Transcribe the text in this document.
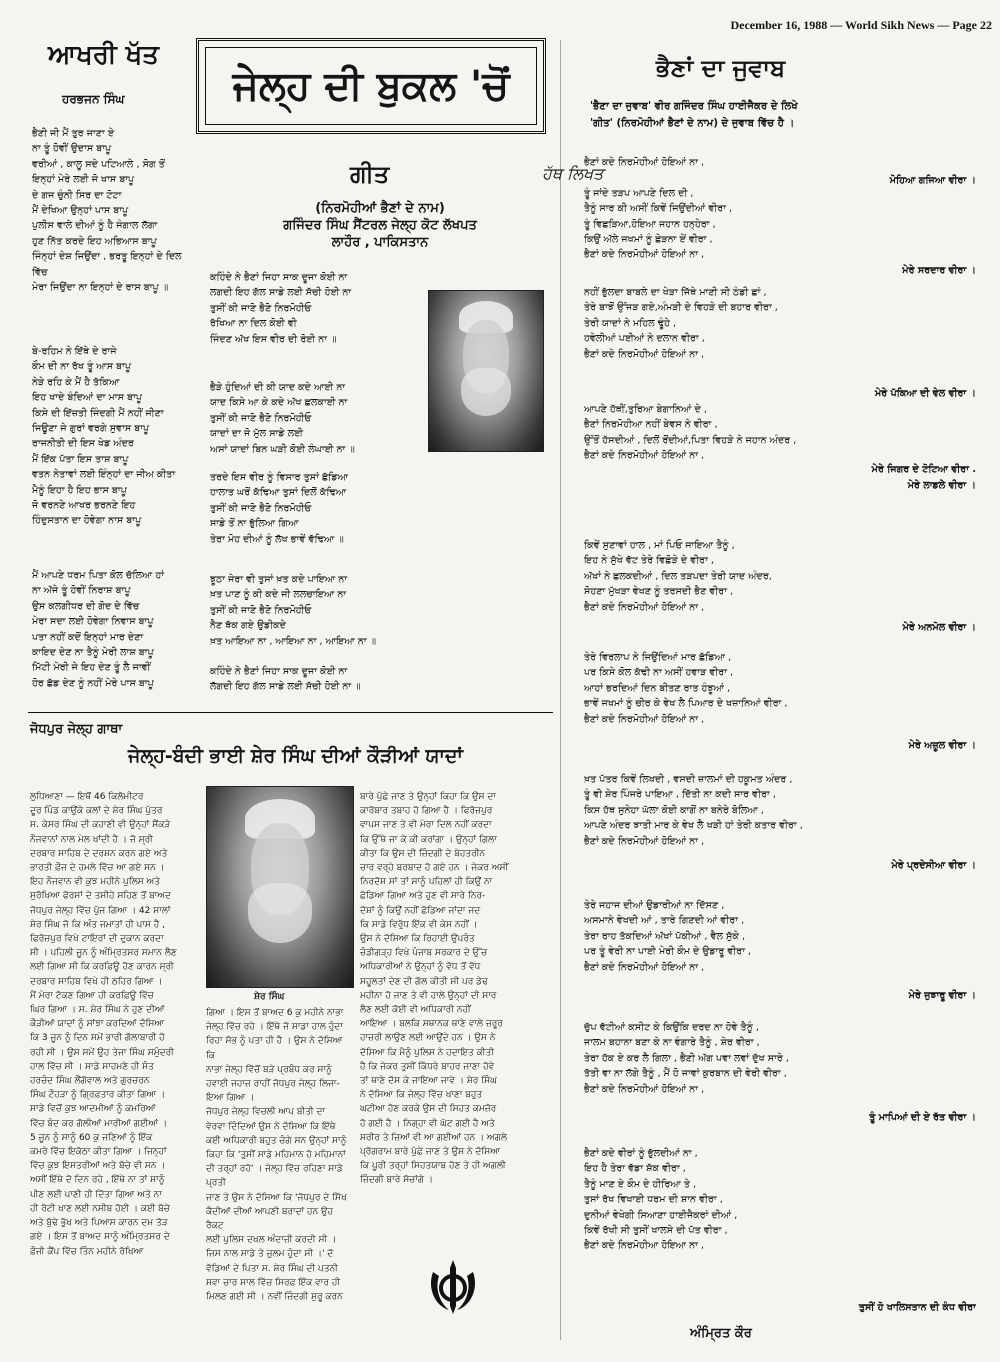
December 16, 1988 — World Sikh News — Page 22
ਆਖਰੀ ਖੱਤ
ਹਰਭਜਨ ਸਿੰਘ
ਭੈਣੀ ਜੀ ਮੈਂ ਤੁਰ ਜਾਣਾ ਏ
ਨਾ ਤੂੰ ਹੋਵੀਂ ਉਦਾਸ ਬਾਪੂ
ਵਰੀਆਂ , ਕਾਲੂ ਸਦੇ ਪਟਿਆਲੇ , ਸੋਗ ਤੋਂ
ਇਨ੍ਹਾਂ ਮੇਰੇ ਲਈ ਜੋ ਖਾਸ ਬਾਪੂ
ਦੇ ਗਜ ਚੁੰਨੀ ਸਿਰ ਦਾ ਟੋਟਾ
ਮੈਂ ਦੇਖਿਆ ਉਨ੍ਹਾਂ ਪਾਸ ਬਾਪੂ
ਪੁਲੀਸ ਵਾਲੇ ਦੀਆਂ ਨੂੰ ਹੈ ਜੰਗਾਲ ਲੱਗਾ
ਹੁਣ ਨਿੱਤ ਕਰਦੇ ਇਹ ਅਭਿਆਸ ਬਾਪੂ
ਜਿੰਨ੍ਹਾਂ ਦੇਸ਼ ਜਿਉਂਦਾ , ਭਰਤੂ ਇਨ੍ਹਾਂ ਦੇ ਦਿਲ
ਵਿੱਚ
ਮੇਰਾ ਜਿਉਂਦਾ ਨਾ ਇਨ੍ਹਾਂ ਦੇ ਰਾਸ ਬਾਪੂ ॥
ਬੇ-ਰਹਿਮ ਨੇ ਇੱਥੇ ਦੇ ਰਾਜੇ
ਕੌਮ ਦੀ ਨਾ ਰੱਖ ਤੂੰ ਆਸ ਬਾਪੂ
ਨੇੜੇ ਰਹਿ ਕੇ ਮੈਂ ਹੈ ਤੱਕਿਆ
ਇਹ ਖਾਦੇ ਬੰਦਿਆਂ ਦਾ ਮਾਸ ਬਾਪੂ
ਕਿਸੇ ਦੀ ਇੱਜ਼ਤੀ ਜਿੰਦਗੀ ਮੈਂ ਨਹੀਂ ਜੀਣਾ
ਜਿਊਣਾ ਜੇ ਗੁਰਾਂ ਵਰਗੇ ਸੁਵਾਸ ਬਾਪੂ
ਰਾਜਨੀਤੀ ਦੀ ਇਸ ਖੇਡ ਅੰਦਰ
ਮੈਂ ਇੱਕ ਪੱਤਾ ਇਸ ਤਾਸ਼ ਬਾਪੂ
ਵਤਨ ਨੇਤਾਵਾਂ ਲਈ ਇੰਨ੍ਹਾਂ ਦਾ ਜੀਅ ਕੀਤਾ
ਮੈਨੂੰ ਇਹਾ ਹੈ ਇਹ ਭਾਸ ਬਾਪੂ
ਜੋ ਵਰਨਣੇ ਆਖਰ ਭਰਨਣੇ ਇਹ
ਹਿੰਦੁਸਤਾਨ ਦਾ ਹੋਵੇਗਾ ਨਾਸ ਬਾਪੂ
ਮੈਂ ਆਪਣੇ ਧਰਮ ਪਿਤਾ ਕੋਲ ਚੱਲਿਆ ਹਾਂ
ਨਾ ਅੱਜੇ ਤੂੰ ਹੋਵੀਂ ਨਿਰਾਸ਼ ਬਾਪੂ
ਉਸ ਕਲਗੀਧਰ ਦੀ ਗੋਦ ਦੇ ਵਿੱਚ
ਮੇਰਾ ਸਦਾ ਲਈ ਹੋਵੇਗਾ ਨਿਵਾਸ ਬਾਪੂ
ਪਤਾ ਨਹੀਂ ਕਦੋਂ ਇਨ੍ਹਾਂ ਮਾਰ ਦੇਣਾ
ਕਾਇਦ ਦੇਣ ਨਾ ਤੈਨੂੰ ਮੇਰੀ ਲਾਸ਼ ਬਾਪੂ
ਮਿੱਟੀ ਮੇਰੀ ਜੇ ਇਹ ਦੇਣ ਤੂੰ ਲੈ ਜਾਵੀਂ
ਹੋਰ ਛੱਡ ਦੇਣ ਨੂੰ ਨਹੀਂ ਮੇਰੇ ਪਾਸ ਬਾਪੂ
ਜੇਲ੍ਹ ਦੀ ਬੁਕਲ 'ਚੋਂ
ਗੀਤ
(ਨਿਰਮੋਹੀਆਂ ਭੈਣਾਂ ਦੇ ਨਾਮ)
ਗਜਿੰਦਰ ਸਿੰਘ ਸੈਂਟਰਲ ਜੇਲ੍ਹ ਕੋਟ ਲੱਖਪਤ
ਲਾਹੌਰ , ਪਾਕਿਸਤਾਨ
ਕਹਿੰਦੇ ਨੇ ਭੈਣਾਂ ਜਿਹਾ ਸਾਕ ਦੂਜਾ ਕੋਈ ਨਾ
ਲਗਦੀ ਇਹ ਗੱਲ ਸਾਡੇ ਲਈ ਸੱਚੀ ਹੋਈ ਨਾ
ਤੁਸੀਂ ਕੀ ਜਾਣੋ ਭੈਣੋ ਨਿਰਮੋਹੀਓ
ਰੱਖਿਆ ਨਾ ਦਿਲ ਕੋਈ ਵੀ
ਜਿੰਦਣ ਅੱਖ ਇਸ ਵੀਰ ਦੀ ਰੋਈ ਨਾ ॥
ਭੈੜੇ ਹੁੰਦਿਆਂ ਦੀ ਕੀ ਯਾਦ ਕਦੇ ਆਈ ਨਾ
ਯਾਦ ਕਿਸੇ ਆ ਕੇ ਕਦੇ ਅੱਖ ਛਲਕਾਈ ਨਾ
ਤੁਸੀਂ ਕੀ ਜਾਣੋ ਭੈਣੋ ਨਿਰਮੋਹੀਓ
ਯਾਦਾਂ ਦਾ ਜੋ ਮੁੱਲ ਸਾਡੇ ਲਈ
ਅਸਾਂ ਯਾਦਾਂ ਬਿਨ ਘੜੀ ਕੋਈ ਲੰਘਾਈ ਨਾ ॥
ਤਰਦੇ ਇਸ ਵੀਰ ਨੂੰ ਵਿਸਾਰ ਤੁਸਾਂ ਛੱਡਿਆ
ਹਾਲਾਤ ਘਰੋਂ ਕੱਢਿਆ ਤੁਸਾਂ ਦਿਲੋਂ ਕੱਢਿਆ
ਤੁਸੀਂ ਕੀ ਜਾਣੋ ਭੈਣੋ ਨਿਰਮੋਹੀਓ
ਸਾਡੇ ਤੋਂ ਨਾ ਭੁੱਲਿਆ ਗਿਆ
ਤੇਰਾ ਮੋਹ ਦੀਆਂ ਨੂੰ ਲੱਖ ਭਾਵੇਂ ਵੱਢਿਆ ॥
ਝੂਠਾ ਜੇਰਾ ਵੀ ਤੁਸਾਂ ਖ਼ਤ ਕਦੇ ਪਾਇਆ ਨਾ
ਖ਼ਤ ਪਾਣ ਨੂੰ ਕੀ ਕਦੇ ਜੀ ਲਲਚਾਇਆ ਨਾ
ਤੁਸੀਂ ਕੀ ਜਾਣੋ ਭੈਣੋ ਨਿਰਮੋਹੀਓ
ਨੈਣ ਥੱਕ ਗਏ ਉਡੀਕਦੇ
ਖ਼ਤ ਆਇਆ ਨਾ , ਆਇਆ ਨਾ , ਆਇਆ ਨਾ ॥
ਕਹਿੰਦੇ ਨੇ ਭੈਣਾਂ ਜਿਹਾ ਸਾਕ ਦੂਜਾ ਕੋਈ ਨਾ
ਲੱਗਦੀ ਇਹ ਗੱਲ ਸਾਡੇ ਲਈ ਸੱਚੀ ਹੋਈ ਨਾ ॥
ਜੋਧਪੁਰ ਜੇਲ੍ਹ ਗਾਥਾ
ਜੇਲ੍ਹ-ਬੰਦੀ ਭਾਈ ਸ਼ੇਰ ਸਿੰਘ ਦੀਆਂ ਕੌੜੀਆਂ ਯਾਦਾਂ
ਲੁਧਿਆਣਾ — ਇਥੋਂ 46 ਕਿਲੋਮੀਟਰ
ਦੂਰ ਪਿੰਡ ਕਾਉਂਕੇ ਕਲਾਂ ਦੇ ਸ਼ੇਰ ਸਿੰਘ ਪੁੱਤਰ
ਸ. ਕੇਸਰ ਸਿੰਘ ਦੀ ਕਹਾਣੀ ਵੀ ਉਨ੍ਹਾਂ ਸੈਂਕੜੇ
ਨੌਜਵਾਨਾਂ ਨਾਲ ਮੇਲ ਖਾਂਦੀ ਹੈ । ਜੋ ਸ੍ਰੀ
ਦਰਬਾਰ ਸਾਹਿਬ ਦੇ ਦਰਸ਼ਨ ਕਰਨ ਗਏ ਅਤੇ
ਭਾਰਤੀ ਫ਼ੌਜ ਦੇ ਹਮਲੇ ਵਿੱਚ ਆ ਗਏ ਸਨ ।
ਇਹ ਨੌਜਵਾਨ ਵੀ ਕੁਝ ਮਹੀਨੇ ਪੁਲਿਸ ਅਤੇ
ਸੁਰੱਖਿਆ ਫੋਰਸਾਂ ਦੇ ਤਸੀਹੇ ਸਹਿਣ ਤੋਂ ਬਾਅਦ
ਜੋਧਪੁਰ ਜੇਲ੍ਹ ਵਿੱਚ ਪੁੱਜ ਗਿਆ । 42 ਸਾਲਾਂ
ਸ਼ੇਰ ਸਿੰਘ ਜੋ ਕਿ ਅੰਤ ਜਮਾਤਾਂ ਹੀ ਪਾਸ ਹੈ ,
ਫਿਰੋਜ਼ਪੁਰ ਵਿਖੇ ਟਾਇਰਾਂ ਦੀ ਦੁਕਾਨ ਕਰਦਾ
ਸੀ । ਪਹਿਲੀ ਜੂਨ ਨੂੰ ਅੰਮ੍ਰਿਤਸਰ ਸਮਾਨ ਲੈਣ
ਲਈ ਗਿਆ ਸੀ ਕਿ ਕਰਫ਼ਿਊ ਹੋਣ ਕਾਰਨ ਸ੍ਰੀ
ਦਰਬਾਰ ਸਾਹਿਬ ਵਿਖੇ ਹੀ ਠਹਿਰ ਗਿਆ ।
ਮੈਂ ਮੇਰਾ ਟੋਕਣ ਗਿਆ ਹੀ ਕਰਫ਼ਿਊ ਵਿੱਚ
ਘਿਰ ਗਿਆ । ਸ. ਸ਼ੇਰ ਸਿੰਘ ਨੇ ਹੁਣ ਦੀਆਂ
ਕੌੜੀਆਂ ਯਾਦਾਂ ਨੂੰ ਸਾਂਝਾ ਕਰਦਿਆਂ ਦੱਸਿਆ
ਕਿ 3 ਜੂਨ ਨੂੰ ਦਿਨ ਸਮੇਂ ਭਾਰੀ ਗੋਲਾਬਾਰੀ ਹੋ
ਰਹੀ ਸੀ । ਉਸ ਸਮੇਂ ਉਹ ਤੇਜਾ ਸਿੰਘ ਸਮੁੰਦਰੀ
ਹਾਲ ਵਿੱਚ ਸੀ । ਸਾਡੇ ਸਾਹਮਣੇ ਹੀ ਸੰਤ
ਹਰਚੰਦ ਸਿੰਘ ਲੌਂਗੋਵਾਲ ਅਤੇ ਗੁਰਚਰਨ
ਸਿੰਘ ਟੌਹੜਾ ਨੂੰ ਗ੍ਰਿਫ਼ਤਾਰ ਕੀਤਾ ਗਿਆ ।
ਸਾਡੇ ਵਿਚੋਂ ਕੁਝ ਆਦਮੀਆਂ ਨੂੰ ਕਮਰਿਆਂ
ਵਿੱਚ ਬੰਦ ਕਰ ਗੋਲੀਆਂ ਮਾਰੀਆਂ ਗਈਆਂ ।
5 ਜੂਨ ਨੂੰ ਸਾਨੂੰ 60 ਕੁ ਜਣਿਆਂ ਨੂੰ ਇੱਕ
ਕਮਰੇ ਵਿੱਚ ਇਕੱਠਾ ਕੀਤਾ ਗਿਆ । ਜਿਨ੍ਹਾਂ
ਵਿੱਚ ਕੁਝ ਇਸਤਰੀਆਂ ਅਤੇ ਬੱਚੇ ਵੀ ਸਨ ।
ਅਸੀਂ ਇੱਥੇ ਦੋ ਦਿਨ ਰਹੇ , ਇੱਥੇ ਨਾ ਤਾਂ ਸਾਨੂੰ
ਪੀਣ ਲਈ ਪਾਣੀ ਹੀ ਦਿੱਤਾ ਗਿਆ ਅਤੇ ਨਾ
ਹੀ ਰੋਟੀ ਖਾਣ ਲਈ ਨਸੀਬ ਹੋਈ । ਕਈ ਬੱਚੇ
ਅਤੇ ਬੁੱਢੇ ਭੁੱਖ ਅਤੇ ਪਿਆਸ ਕਾਰਨ ਦਮ ਤੋੜ
ਗਏ । ਇਸ ਤੋਂ ਬਾਅਦ ਸਾਨੂੰ ਅੰਮ੍ਰਿਤਸਰ ਦੇ
ਫ਼ੌਜੀ ਕੈਂਪ ਵਿੱਚ ਤਿੰਨ ਮਹੀਨੇ ਰੱਖਿਆ
ਸ਼ੇਰ ਸਿੰਘ
ਗਿਆ । ਇਸ ਤੋਂ ਬਾਅਦ 6 ਕੁ ਮਹੀਨੇ ਨਾਭਾ
ਜੇਲ੍ਹ ਵਿੱਚ ਰਹੇ । ਇੱਥੇ ਜੋ ਸਾਡਾ ਹਾਲ ਹੁੰਦਾ
ਰਿਹਾ ਸੱਭ ਨੂੰ ਪਤਾ ਹੀ ਹੈ । ਉਸ ਨੇ ਦੱਸਿਆ ਕਿ
ਨਾਭਾ ਜੇਲ੍ਹ ਵਿੱਚੋਂ ਬੜੇ ਪ੍ਰਬੰਧ ਕਰ ਸਾਨੂੰ
ਹਵਾਈ ਜਹਾਜ਼ ਰਾਹੀਂ ਜੋਧਪੁਰ ਜੇਲ੍ਹ ਲਿਜਾ-
ਇਆ ਗਿਆ ।
ਜੋਧਪੁਰ ਜੇਲ੍ਹ ਵਿਚਲੀ ਆਪ ਬੀਤੀ ਦਾ
ਵੇਰਵਾ ਦਿੰਦਿਆਂ ਉਸ ਨੇ ਦੱਸਿਆ ਕਿ ਇੱਥੇ
ਕਈ ਅਧਿਕਾਰੀ ਬਹੁਤ ਚੰਗੇ ਸਨ ਉਨ੍ਹਾਂ ਸਾਨੂੰ
ਕਿਹਾ ਕਿ 'ਤੁਸੀਂ ਸਾਡੇ ਮਹਿਮਾਨ ਹੋ ਮਹਿਮਾਨਾਂ
ਦੀ ਤਰ੍ਹਾਂ ਰਹੋ' । ਜੇਲ੍ਹ ਵਿੱਚ ਰਹਿਣਾ ਸਾਡੇ ਪ੍ਰਤੀ
ਜਾਣ ਤੇ ਉਸ ਨੇ ਦੱਸਿਆ ਕਿ 'ਜੋਧਪੁਰ ਦੇ ਸਿੱਖ
ਕੈਦੀਆਂ ਦੀਆਂ ਆਪਣੀ ਬਰਾਦਾਂ ਹਨ ਉਹ ਰੈਕਟ
ਲਈ ਪੁਲਿਸ ਦਖਲ ਅੰਦਾਜ਼ੀ ਕਰਦੀ ਸੀ ।
ਜਿਸ ਨਾਲ ਸਾਡੇ ਤੇ ਜ਼ੁਲਮ ਹੁੰਦਾ ਸੀ ।' ਦੋ
ਵੱਡਿਆਂ ਦੇ ਪਿਤਾ ਸ. ਸ਼ੇਰ ਸਿੰਘ ਦੀ ਪਤਨੀ
ਸਵਾ ਚਾਰ ਸਾਲ ਵਿੱਚ ਸਿਰਫ਼ ਇੱਕ ਵਾਰ ਹੀ
ਮਿਲਣ ਗਈ ਸੀ । ਨਵੀਂ ਜ਼ਿੰਦਗੀ ਸ਼ੁਰੂ ਕਰਨ
ਬਾਰੇ ਪੁੱਛੇ ਜਾਣ ਤੇ ਉਨ੍ਹਾਂ ਕਿਹਾ ਕਿ ਉਸ ਦਾ
ਕਾਰੋਬਾਰ ਤਬਾਹ ਹੋ ਗਿਆ ਹੈ । ਫਿਰੋਜ਼ਪੁਰ
ਵਾਪਸ ਜਾਣ ਤੇ ਵੀ ਮੇਰਾ ਦਿਲ ਨਹੀਂ ਕਰਦਾ
ਕਿ ਉੱਥੇ ਜਾ ਕੇ ਕੀ ਕਰਾਂਗਾ । ਉਨ੍ਹਾਂ ਗਿਲਾ
ਕੀਤਾ ਕਿ ਉਸ ਦੀ ਜ਼ਿੰਦਗੀ ਦੇ ਬੇਹਤਰੀਨ
ਚਾਰ ਵਰ੍ਹੇ ਬਰਬਾਦ ਹੋ ਗਏ ਹਨ । ਜੇਕਰ ਅਸੀਂ
ਨਿਰਦੋਸ਼ ਸਾਂ ਤਾਂ ਸਾਨੂੰ ਪਹਿਲਾਂ ਹੀ ਕਿਉਂ ਨਾ
ਛੱਡਿਆ ਗਿਆ ਅਤੇ ਹੁਣ ਵੀ ਸਾਰੇ ਨਿਰ-
ਦੋਸ਼ਾਂ ਨੂੰ ਕਿਉਂ ਨਹੀਂ ਛੱਡਿਆ ਜਾਂਦਾ ਜਦ
ਕਿ ਸਾਡੇ ਵਿਰੁੱਧ ਇੱਕ ਵੀ ਕੇਸ ਨਹੀਂ ।
ਉਸ ਨੇ ਦੱਸਿਆ ਕਿ ਰਿਹਾਈ ਉਪਰੰਤ
ਚੰਡੀਗੜ੍ਹ ਵਿਖੇ ਪੰਜਾਬ ਸਰਕਾਰ ਦੇ ਉੱਚ
ਅਧਿਕਾਰੀਆਂ ਨੇ ਉਨ੍ਹਾਂ ਨੂੰ ਵੱਧ ਤੋਂ ਵੱਧ
ਸਹੂਲਤਾਂ ਦੇਣ ਦੀ ਗੱਲ ਕੀਤੀ ਸੀ ਪਰ ਡੇਢ
ਮਹੀਨਾ ਹੋ ਜਾਣ ਤੇ ਵੀ ਹਾਲੇ ਉਨ੍ਹਾਂ ਦੀ ਸਾਰ
ਲੈਣ ਲਈ ਕੋਈ ਵੀ ਅਧਿਕਾਰੀ ਨਹੀਂ
ਆਇਆ । ਬਲਕਿ ਸਥਾਨਕ ਥਾਣੇ ਵਾਲੇ ਜ਼ਰੂਰ
ਹਾਜ਼ਰੀ ਲਾਉਣ ਲਈ ਆਉਂਦੇ ਹਨ । ਉਸ ਨੇ
ਦੱਸਿਆ ਕਿ ਮੈਨੂੰ ਪੁਲਿਸ ਨੇ ਹਦਾਇਤ ਕੀਤੀ
ਹੈ ਕਿ ਜੇਕਰ ਤੁਸੀਂ ਕਿੱਧਰੇ ਬਾਹਰ ਜਾਣਾ ਹੋਵੇ
ਤਾਂ ਥਾਣੇ ਦੱਸ ਕੇ ਜਾਇਆ ਜਾਵੇ । ਸ਼ੇਰ ਸਿੰਘ
ਨੇ ਦੱਸਿਆ ਕਿ ਜੇਲ੍ਹ ਵਿੱਚ ਖਾਣਾ ਬਹੁਤ
ਘਟੀਆ ਹੋਣ ਕਰਕੇ ਉਸ ਦੀ ਸਿਹਤ ਕਮਜ਼ੋਰ
ਹੋ ਗਈ ਹੈ । ਨਿਗ੍ਹਾ ਵੀ ਘੱਟ ਗਈ ਹੈ ਅਤੇ
ਸਰੀਰ ਤੇ ਜ਼ਿਆਂ ਵੀ ਆ ਗਈਆਂ ਹਨ । ਅਗਲੇ
ਪ੍ਰੋਗਰਾਮ ਬਾਰੇ ਪੁੱਛੇ ਜਾਣ ਤੇ ਉਸ ਨੇ ਦੱਸਿਆ
ਕਿ ਪੂਰੀ ਤਰ੍ਹਾਂ ਸਿਹਤਯਾਬ ਹੋਣ ਤੇ ਹੀ ਅਗਲੀ
ਜ਼ਿੰਦਗੀ ਬਾਰੇ ਸੋਚਾਂਗੇ ।
ਭੈਣਾਂ ਦਾ ਜੁਵਾਬ
'ਭੈਣਾ ਦਾ ਜੁਵਾਬ' ਵੀਰ ਗਜਿੰਦਰ ਸਿੰਘ ਹਾਈਜੈਕਰ ਦੇ ਲਿਖੇ
'ਗੀਤ' (ਨਿਰਮੋਹੀਆਂ ਭੈਣਾਂ ਦੇ ਨਾਮ) ਦੇ ਜੁਵਾਬ ਵਿੱਚ ਹੈ ।
ਹੱਥ ਲਿਖਤ
ਭੈਣਾਂ ਕਦੇ ਨਿਰਮੋਹੀਆਂ ਹੋਇਆਂ ਨਾ ,

ਤੂੰ ਜਾਂਦੇ ਤੜਪ ਆਪਣੇ ਦਿਲ ਦੀ ,
ਤੈਨੂੰ ਸਾਰ ਕੀ ਅਸੀਂ ਕਿਵੇਂ ਜਿਉਂਦੀਆਂ ਵੀਰਾ ,
ਤੂੰ ਵਿਛੜਿਆ,ਹੋਇਆ ਜਹਾਨ ਹਨ੍ਹੇਰਾ ,
ਕਿਉਂ ਅੱਲੇ ਜਖਮਾਂ ਨੂੰ ਛੇੜਨਾ ਏਂ ਵੀਰਾ ,
ਭੈਣਾਂ ਕਦੇ ਨਿਰਮੋਹੀਆਂ ਹੋਇਆਂ ਨਾ ,
ਮੋਹਿਆ ਗਜਿਆ ਵੀਰਾ ।
ਮੇਰੇ ਸਰਦਾਰ ਵੀਰਾ ।
ਨਹੀਂ ਭੁੱਲਦਾ ਬਾਬਲੇ ਦਾ ਖੇੜਾ ਜਿੱਥੇ ਮਾਣੀ ਸੀ ਠੰਡੀ ਛਾਂ ,
ਤੇਰੇ ਬਾਝੋਂ ਉੱਜੜ ਗਏ,ਅੰਮੜੀ ਦੇ ਵਿਹੜੇ ਦੀ ਬਹਾਰ ਵੀਰਾ ,
ਤੇਰੀ ਯਾਦਾਂ ਨੇ ਮਹਿਲ ਢੂੰਹੇ ,
ਹਵੇਲੀਆਂ ਪਈਆਂ ਨੇ ਦਲਾਨ ਵੀਰਾ ,
ਭੈਣਾਂ ਕਦੇ ਨਿਰਮੋਹੀਆਂ ਹੋਇਆਂ ਨਾ ,
ਮੇਰੇ ਪੱਕਿਆ ਦੀ ਵੇਲ ਵੀਰਾ ।
ਆਪਣੇ ਹੱਥੀਂ,ਤੁਰਿਆ ਬੇਗਾਨਿਆਂ ਦੇ ,
ਭੈਣਾਂ ਨਿਰਮੋਹੀਆ ਨਹੀਂ ਬੇਵਸ ਨੇ ਵੀਰਾ ,
ਉੱਤੋਂ ਹੱਸਦੀਆਂ , ਦਿਲੋਂ ਰੋਂਦੀਆਂ,ਪਿਤਾ ਵਿਹੜੇ ਨੇ ਜਹਾਨ ਅੰਦਰ ,
ਭੈਣਾਂ ਕਦੇ ਨਿਰਮੋਹੀਆਂ ਹੋਇਆਂ ਨਾ ,
ਮੇਰੇ ਜਿਗਰ ਦੇ ਟੋਟਿਆ ਵੀਰਾ .
ਮੇਰੇ ਲਾਡਲੇ ਵੀਰਾ ।
ਕਿਵੇਂ ਸੁਣਾਵਾਂ ਹਾਲ , ਮਾਂ ਪਿਓ ਜਾਇਆ ਤੈਨੂੰ ,
ਇਹ ਨੇ ਸੁੱਖੇ ਵੱਟ ਤੇਰੇ ਵਿਛੋੜੇ ਦੇ ਵੀਰਾ ,
ਅੱਖਾਂ ਨੇ ਛਲਕਦੀਆਂ , ਦਿਲ ਤੜਪਦਾ ਤੇਰੀ ਯਾਦ ਅੰਦਰ,
ਸੋਹਣਾ ਮੁੱਖੜਾ ਵੇਖਣ ਨੂੰ ਤਰਸਦੀ ਭੈਣ ਵੀਰਾ ,
ਭੈਣਾਂ ਕਦੇ ਨਿਰਮੋਹੀਆਂ ਹੋਇਆਂ ਨਾ ,
ਮੇਰੇ ਅਨਮੋਲ ਵੀਰਾ ।
ਤੇਰੇ ਵਿਰਲਾਪ ਨੇ ਜਿਉਂਦਿਆਂ ਮਾਰ ਛੱਡਿਆ ,
ਪਰ ਕਿਸੇ ਕੋਲ ਕੱਢੀ ਨਾ ਅਸੀਂ ਹਵਾੜ ਵੀਰਾ ,
ਆਹਾਂ ਭਰਦਿਆਂ ਦਿਨ ਬੀਤਣ ਰਾਤ ਹੰਝੂਆਂ ,
ਭਾਵੇਂ ਜਖਮਾਂ ਨੂੰ ਚੀਰ ਕੇ ਵੇਖ ਲੈ ਪਿਆਰ ਦੇ ਖਜ਼ਾਨਿਆਂ ਵੀਰਾ ,
ਭੈਣਾਂ ਕਦੇ ਨਿਰਮੋਹੀਆਂ ਹੋਇਆਂ ਨਾ ,
ਮੇਰੇ ਅਜ਼ੂਲ ਵੀਰਾ ।
ਖ਼ਤ ਪੱਤਰ ਕਿਵੇਂ ਲਿਖਦੀ , ਵਸਦੀ ਜ਼ਾਲਮਾਂ ਦੀ ਹਕੂਮਤ ਅੰਦਰ ,
ਤੂੰ ਵੀ ਸ਼ੇਰ ਪਿੰਜਰੇ ਪਾਇਆ , ਦਿੱਤੀ ਨਾ ਕਦੀ ਸਾਰ ਵੀਰਾ ,
ਕਿਸ ਹੱਥ ਸੁਨੇਹਾ ਘੱਲਾ ਕੋਈ ਕਾਗੋਂ ਨਾ ਬਨੇਰੇ ਬੋਲਿਆ ,
ਆਪਣੇ ਅੰਦਰ ਝਾਤੀ ਮਾਰ ਕੇ ਵੇਖ ਲੈ ਖੜੀ ਹਾਂ ਤੇਰੀ ਕਤਾਰ ਵੀਰਾ ,
ਭੈਣਾਂ ਕਦੇ ਨਿਰਮੋਹੀਆਂ ਹੋਇਆਂ ਨਾ ,
ਮੇਰੇ ਪ੍ਰਦੇਸੀਆ ਵੀਰਾ ।
ਤੇਰੇ ਜਹਾਜ ਦੀਆਂ ਉਡਾਰੀਆਂ ਨਾ ਦਿੱਸਣ ,
ਅਸਮਾਨੇ ਵੇਖਦੀ ਆਂ , ਤਾਰੇ ਗਿਣਦੀ ਆਂ ਵੀਰਾ ,
ਤੇਰਾ ਰਾਹ ਤੱਕਦਿਆਂ ਅੱਖਾਂ ਪੱਕੀਆਂ , ਵੈਲ ਸੁੱਕੇ ,
ਪਰ ਤੂੰ ਵੇਰੀ ਨਾ ਪਾਈ ਮੇਰੀ ਕੌਮ ਦੇ ਉਡਾਰੂ ਵੀਰਾ ,
ਭੈਣਾਂ ਕਦੇ ਨਿਰਮੋਹੀਆਂ ਹੋਇਆਂ ਨਾ ,
ਮੇਰੇ ਜੁਝਾਰੂ ਵੀਰਾ ।
ਚੁੱਪ ਵੱਟੀਆਂ ਕਸੀਟ ਕੇ ਕਿਉਂਕਿ ਦਰਦ ਨਾ ਹੋਵੇ ਤੈਨੂੰ ,
ਜਾਲਮ ਬਹਾਨਾ ਬਣਾ ਕੇ ਨਾ ਵੰਗਾਰੇ ਤੈਨੂੰ , ਸ਼ੇਰ ਵੀਰਾ ,
ਤੇਰਾ ਹੱਕ ਏ ਕਰ ਲੈ ਗਿਲਾ , ਭੈਣੀ ਅੱਗ ਪਵਾ ਲਵਾਂ ਦੁੱਖ ਸਾਰੇ ,
ਤੱਤੀ ਵਾ ਨਾ ਲੱਗੇ ਤੈਨੂੰ , ਮੈਂ ਹੋ ਜਾਵਾਂ ਕੁਰਬਾਨ ਦੀ ਵੇਰੀ ਵੀਰਾ ,
ਭੈਣਾਂ ਕਦੇ ਨਿਰਮੋਹੀਆਂ ਹੋਇਆਂ ਨਾ ,
ਤੂੰ ਮਾਪਿਆਂ ਦੀ ਏ ਰੱਤ ਵੀਰਾ ।
ਭੈਣਾਂ ਕਦੇ ਵੀਰਾਂ ਨੂੰ ਭੁੱਲਦੀਆਂ ਨਾ ,
ਇਹ ਹੈ ਤੇਰਾ ਵੱਡਾ ਸ਼ੱਕ ਵੀਰਾ ,
ਤੈਨੂੰ ਮਾਣ ਏ ਕੌਮ ਦੇ ਹੀਰਿਆ ਤੇ ,
ਤੁਸਾਂ ਰੱਖ ਵਿਖਾਈ ਧਰਮ ਦੀ ਸ਼ਾਨ ਵੀਰਾ ,
ਦੁਨੀਆਂ ਵੇਖੇਗੀ ਸਿਆਣਾ ਹਾਈਜੈਕਰਾਂ ਦੀਆਂ ,
ਕਿਵੇਂ ਰੱਖੀ ਸੀ ਤੁਸੀਂ ਖਾਲਸੇ ਦੀ ਪੱਤ ਵੀਰਾ ,
ਭੈਣਾਂ ਕਦੇ ਨਿਰਮੋਹੀਆ ਹੋਇਆ ਨਾ ,
ਤੁਸੀਂ ਹੋ ਖਾਲਿਸਤਾਨ ਦੀ ਕੰਧ ਵੀਰਾ
ਅੰਮ੍ਰਿਤ ਕੌਰ
